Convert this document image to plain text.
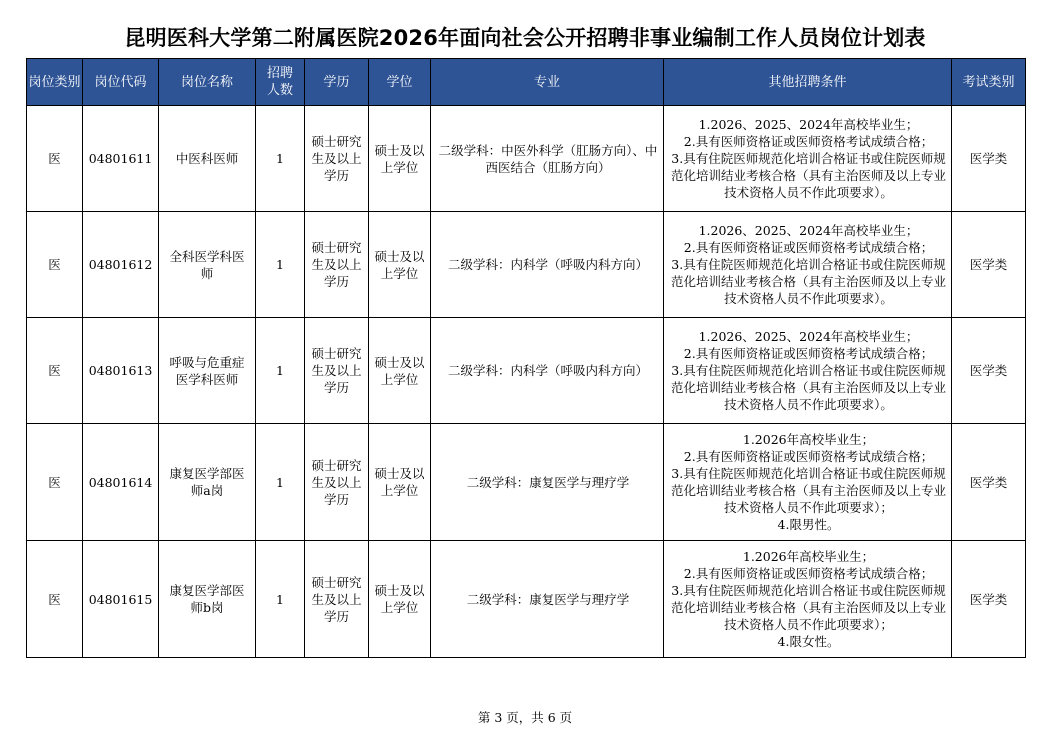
昆明医科大学第二附属医院2026年面向社会公开招聘非事业编制工作人员岗位计划表
岗位类别	岗位代码	岗位名称	招聘人数	学历	学位	专业	其他招聘条件	考试类别
医	04801611	中医科医师	1	硕士研究生及以上学历	硕士及以上学位	二级学科：中医外科学（肛肠方向）、中西医结合（肛肠方向）	1.2026、2025、2024年高校毕业生；
2.具有医师资格证或医师资格考试成绩合格；
3.具有住院医师规范化培训合格证书或住院医师规范化培训结业考核合格（具有主治医师及以上专业技术资格人员不作此项要求）。	医学类
医	04801612	全科医学科医师	1	硕士研究生及以上学历	硕士及以上学位	二级学科：内科学（呼吸内科方向）	1.2026、2025、2024年高校毕业生；
2.具有医师资格证或医师资格考试成绩合格；
3.具有住院医师规范化培训合格证书或住院医师规范化培训结业考核合格（具有主治医师及以上专业技术资格人员不作此项要求）。	医学类
医	04801613	呼吸与危重症医学科医师	1	硕士研究生及以上学历	硕士及以上学位	二级学科：内科学（呼吸内科方向）	1.2026、2025、2024年高校毕业生；
2.具有医师资格证或医师资格考试成绩合格；
3.具有住院医师规范化培训合格证书或住院医师规范化培训结业考核合格（具有主治医师及以上专业技术资格人员不作此项要求）。	医学类
医	04801614	康复医学部医师a岗	1	硕士研究生及以上学历	硕士及以上学位	二级学科：康复医学与理疗学	1.2026年高校毕业生；
2.具有医师资格证或医师资格考试成绩合格；
3.具有住院医师规范化培训合格证书或住院医师规范化培训结业考核合格（具有主治医师及以上专业技术资格人员不作此项要求）；
4.限男性。	医学类
医	04801615	康复医学部医师b岗	1	硕士研究生及以上学历	硕士及以上学位	二级学科：康复医学与理疗学	1.2026年高校毕业生；
2.具有医师资格证或医师资格考试成绩合格；
3.具有住院医师规范化培训合格证书或住院医师规范化培训结业考核合格（具有主治医师及以上专业技术资格人员不作此项要求）；
4.限女性。	医学类
第 3 页，共 6 页
